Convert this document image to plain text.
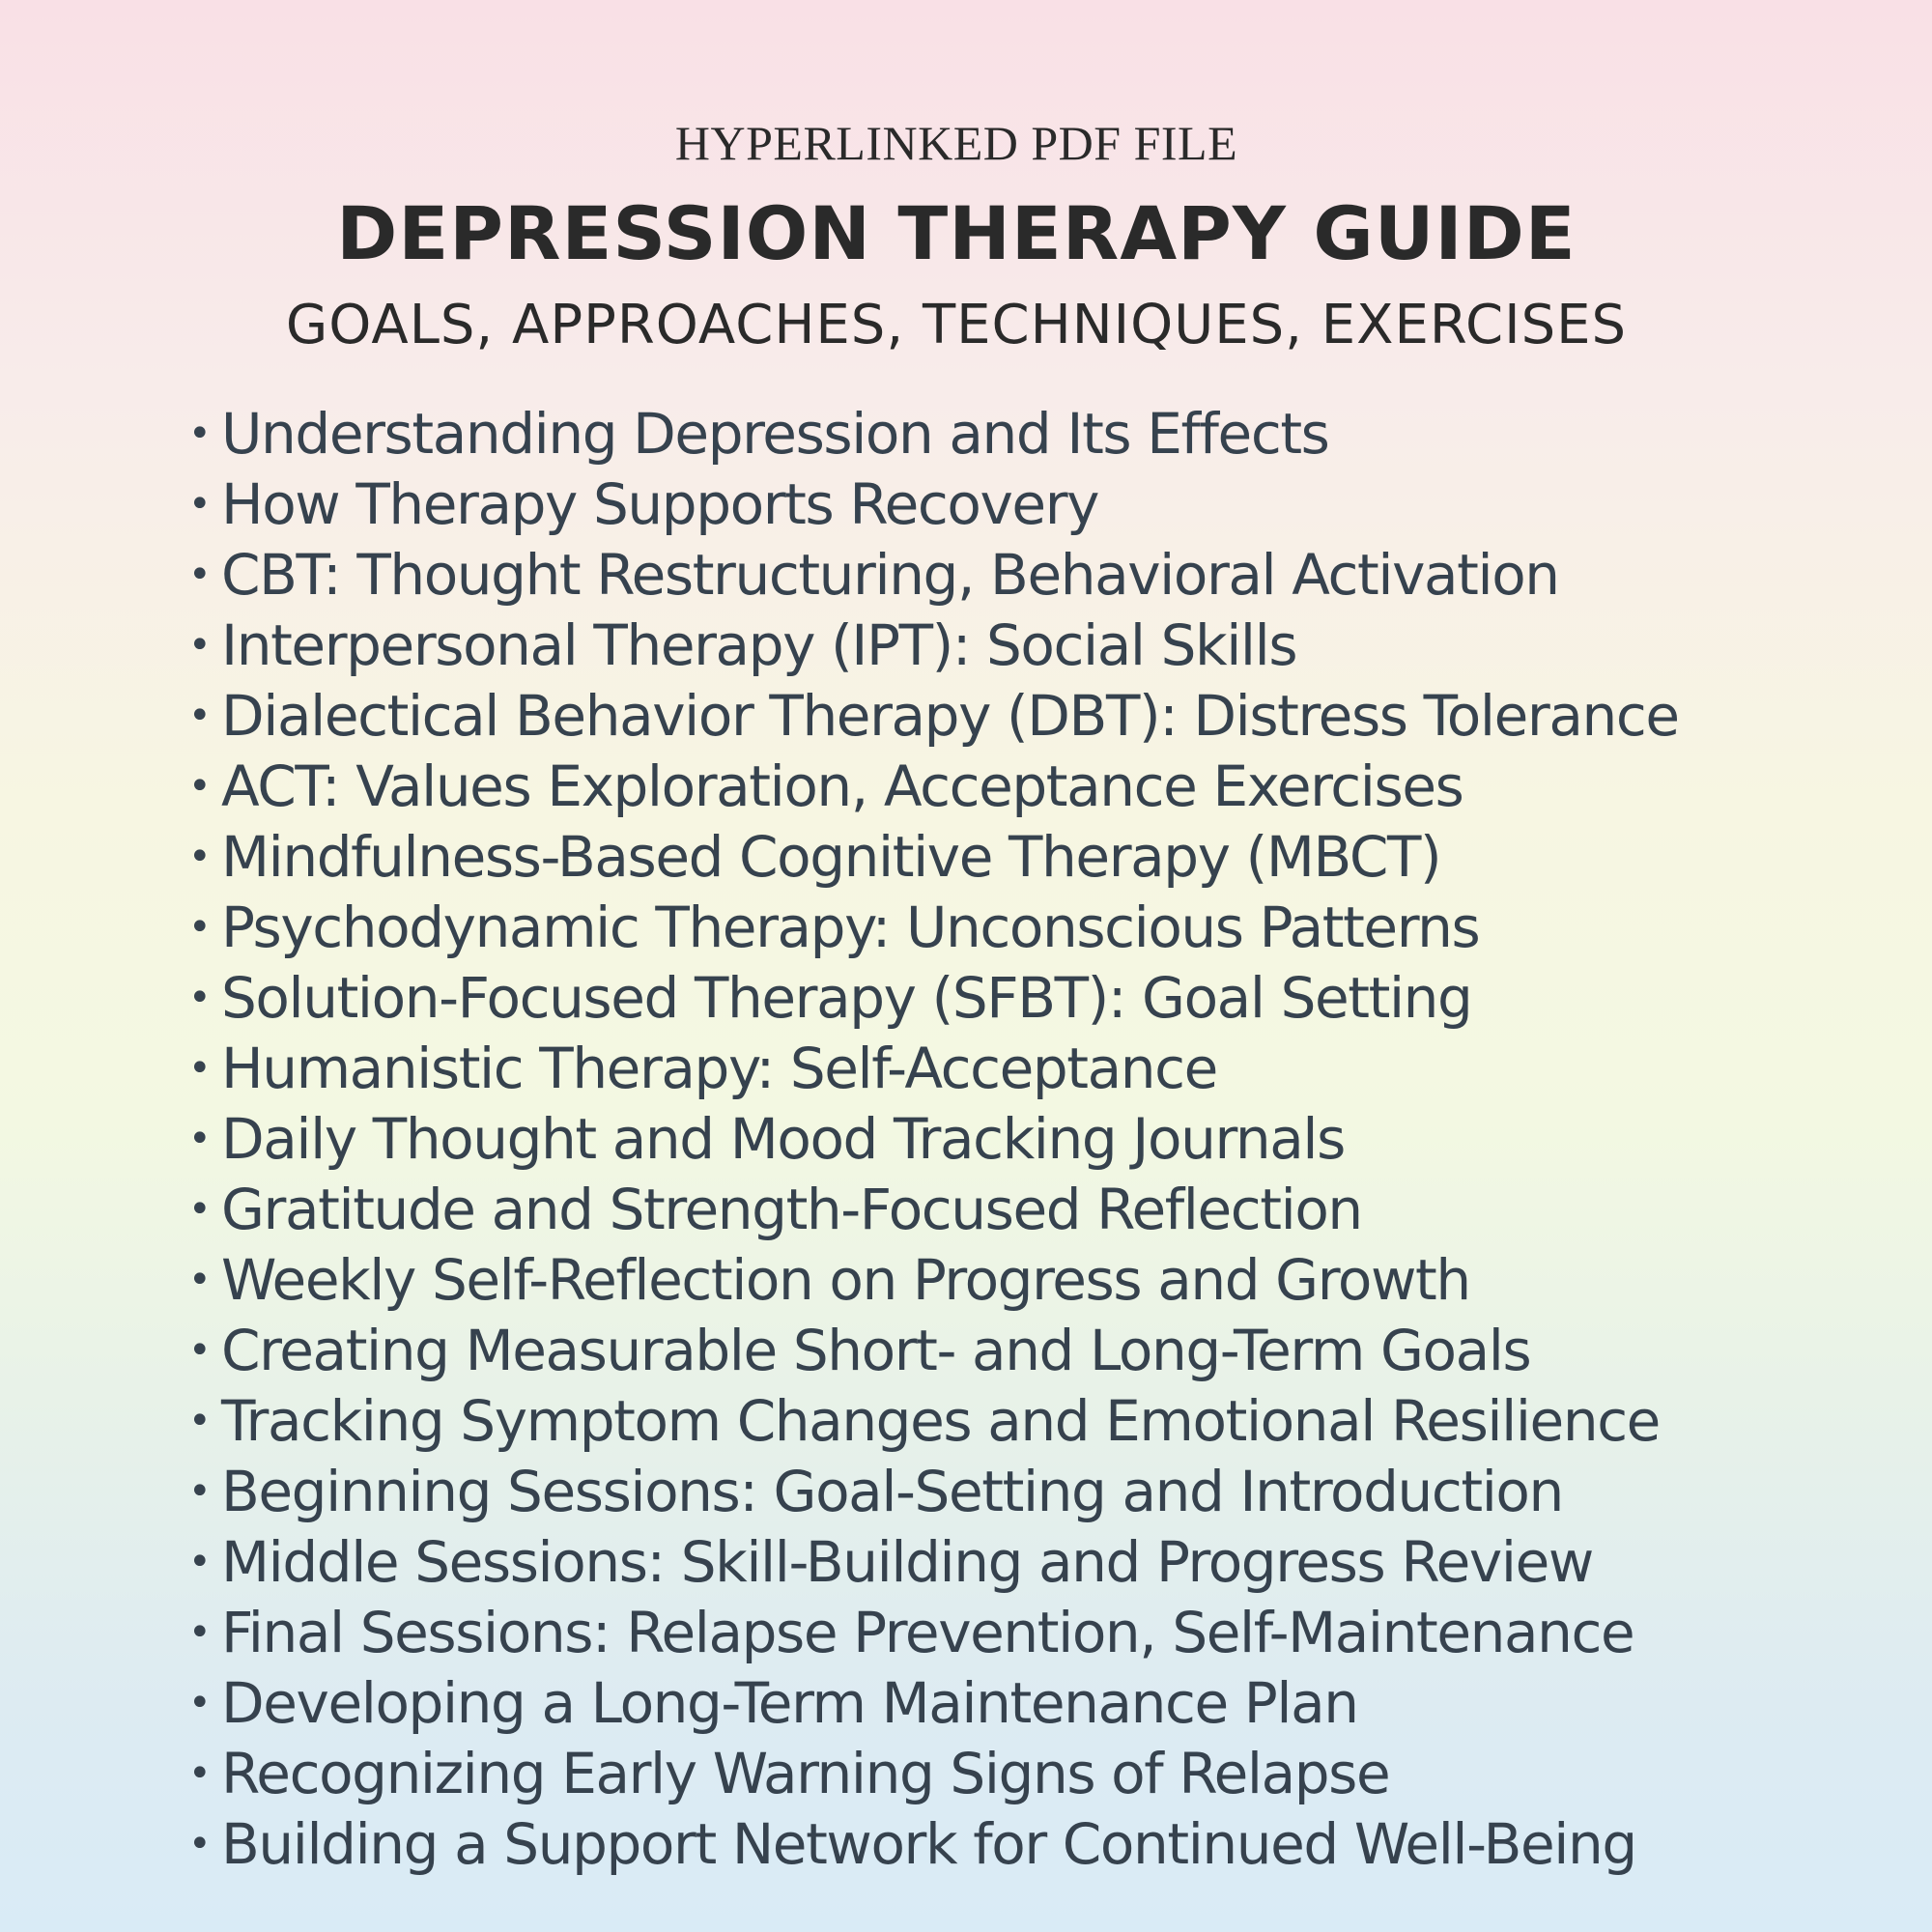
HYPERLINKED PDF FILE
DEPRESSION THERAPY GUIDE
GOALS, APPROACHES, TECHNIQUES, EXERCISES
• Understanding Depression and Its Effects
• How Therapy Supports Recovery
• CBT: Thought Restructuring, Behavioral Activation
• Interpersonal Therapy (IPT): Social Skills
• Dialectical Behavior Therapy (DBT): Distress Tolerance
• ACT: Values Exploration, Acceptance Exercises
• Mindfulness-Based Cognitive Therapy (MBCT)
• Psychodynamic Therapy: Unconscious Patterns
• Solution-Focused Therapy (SFBT): Goal Setting
• Humanistic Therapy: Self-Acceptance
• Daily Thought and Mood Tracking Journals
• Gratitude and Strength-Focused Reflection
• Weekly Self-Reflection on Progress and Growth
• Creating Measurable Short- and Long-Term Goals
• Tracking Symptom Changes and Emotional Resilience
• Beginning Sessions: Goal-Setting and Introduction
• Middle Sessions: Skill-Building and Progress Review
• Final Sessions: Relapse Prevention, Self-Maintenance
• Developing a Long-Term Maintenance Plan
• Recognizing Early Warning Signs of Relapse
• Building a Support Network for Continued Well-Being
